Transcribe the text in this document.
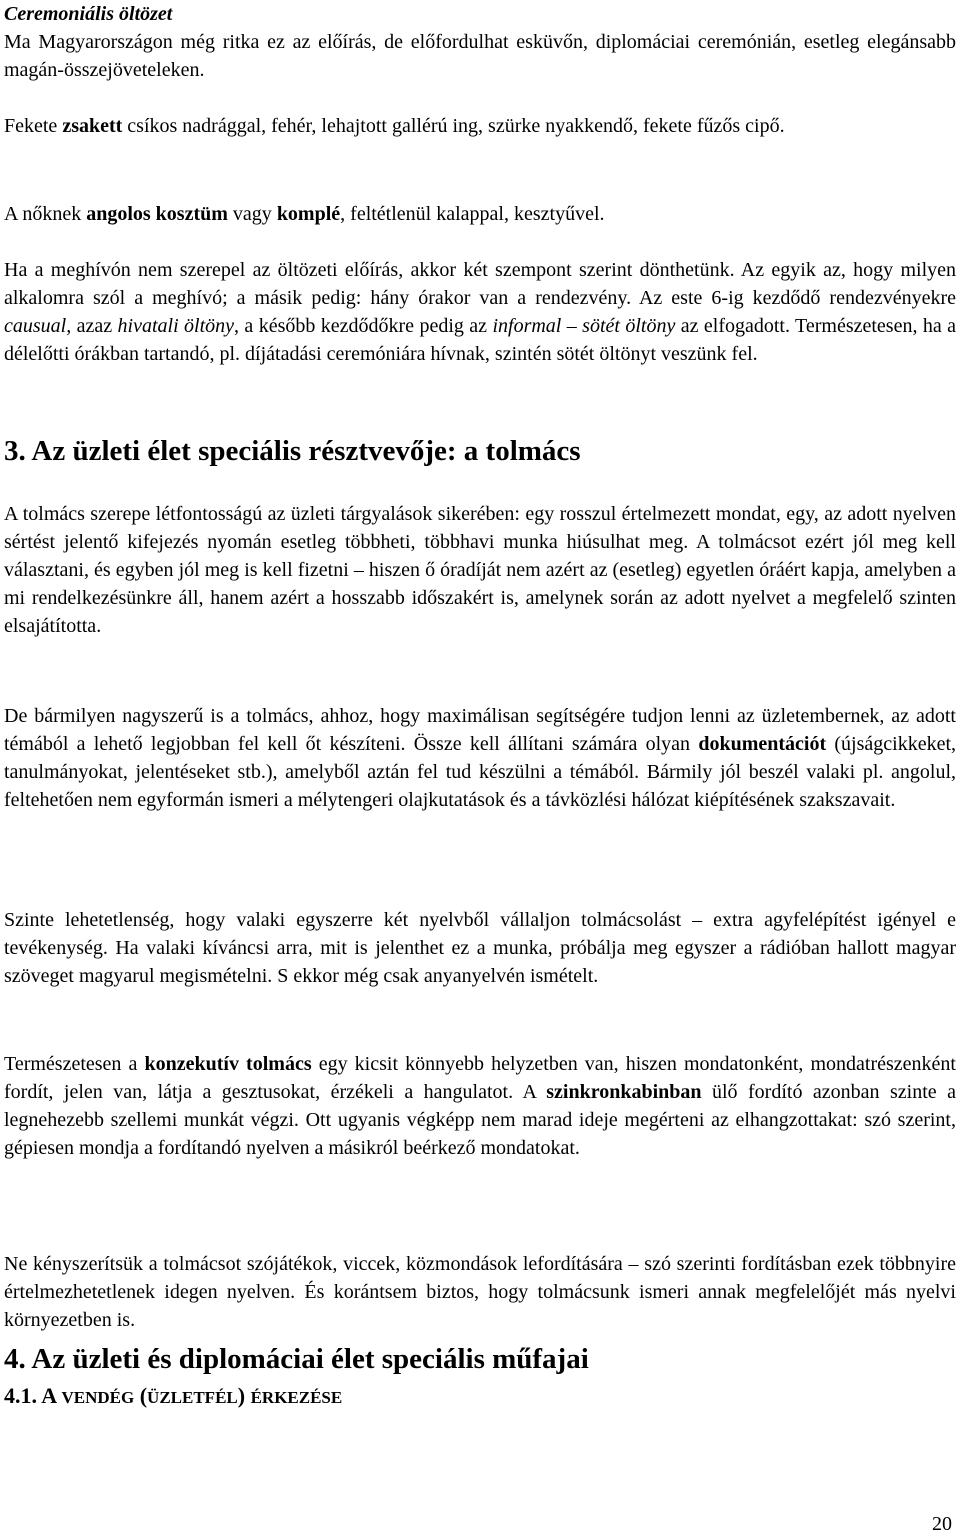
Ceremoniális öltözet

Ma Magyarországon még ritka ez az előírás, de előfordulhat esküvőn, diplomáciai ceremónián, esetleg elegánsabb magán-összejöveteleken.

Fekete zsakett csíkos nadrággal, fehér, lehajtott gallérú ing, szürke nyakkendő, fekete fűzős cipő.

A nőknek angolos kosztüm vagy komplé, feltétlenül kalappal, kesztyűvel.

Ha a meghívón nem szerepel az öltözeti előírás, akkor két szempont szerint dönthetünk. Az egyik az, hogy milyen alkalomra szól a meghívó; a másik pedig: hány órakor van a rendezvény. Az este 6-ig kezdődő rendezvényekre causual, azaz hivatali öltöny, a később kezdődőkre pedig az informal – sötét öltöny az elfogadott. Természetesen, ha a délelőtti órákban tartandó, pl. díjátadási ceremóniára hívnak, szintén sötét öltönyt veszünk fel.

3. Az üzleti élet speciális résztvevője: a tolmács

A tolmács szerepe létfontosságú az üzleti tárgyalások sikerében: egy rosszul értelmezett mondat, egy, az adott nyelven sértést jelentő kifejezés nyomán esetleg többheti, többhavi munka hiúsulhat meg. A tolmácsot ezért jól meg kell választani, és egyben jól meg is kell fizetni – hiszen ő óradíját nem azért az (esetleg) egyetlen óráért kapja, amelyben a mi rendelkezésünkre áll, hanem azért a hosszabb időszakért is, amelynek során az adott nyelvet a megfelelő szinten elsajátította.

De bármilyen nagyszerű is a tolmács, ahhoz, hogy maximálisan segítségére tudjon lenni az üzletembernek, az adott témából a lehető legjobban fel kell őt készíteni. Össze kell állítani számára olyan dokumentációt (újságcikkeket, tanulmányokat, jelentéseket stb.), amelyből aztán fel tud készülni a témából. Bármily jól beszél valaki pl. angolul, feltehetően nem egyformán ismeri a mélytengeri olajkutatások és a távközlési hálózat kiépítésének szakszavait.

Szinte lehetetlenség, hogy valaki egyszerre két nyelvből vállaljon tolmácsolást – extra agyfelépítést igényel e tevékenység. Ha valaki kíváncsi arra, mit is jelenthet ez a munka, próbálja meg egyszer a rádióban hallott magyar szöveget magyarul megismételni. S ekkor még csak anyanyelvén ismételt.

Természetesen a konzekutív tolmács egy kicsit könnyebb helyzetben van, hiszen mondatonként, mondatrészenként fordít, jelen van, látja a gesztusokat, érzékeli a hangulatot. A szinkronkabinban ülő fordító azonban szinte a legnehezebb szellemi munkát végzi. Ott ugyanis végképp nem marad ideje megérteni az elhangzottakat: szó szerint, gépiesen mondja a fordítandó nyelven a másikról beérkező mondatokat.

Ne kényszerítsük a tolmácsot szójátékok, viccek, közmondások lefordítására – szó szerinti fordításban ezek többnyire értelmezhetetlenek idegen nyelven. És korántsem biztos, hogy tolmácsunk ismeri annak megfelelőjét más nyelvi környezetben is.

4. Az üzleti és diplomáciai élet speciális műfajai

4.1. A VENDÉG (ÜZLETFÉL) ÉRKEZÉSE

20
